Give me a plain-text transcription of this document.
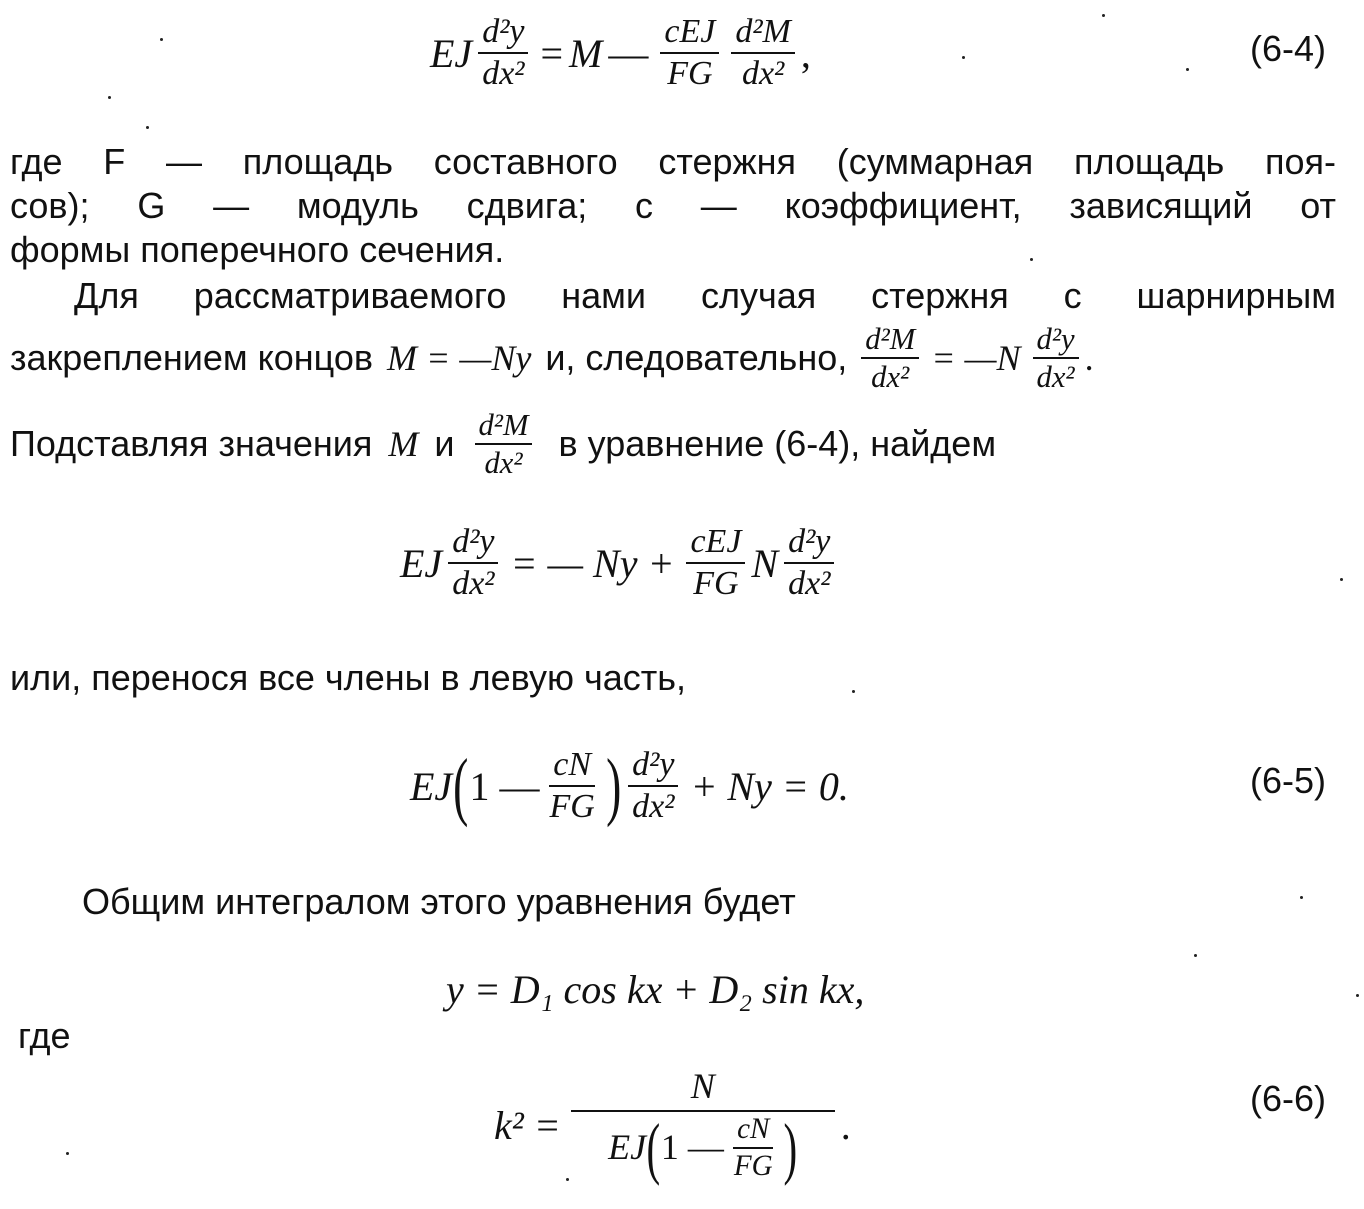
EJ $\frac{\text{d²y}}{\text{dx²}} = M$ — $\frac{\text{cEJ}}{FG} \frac{\text{d²M}}{\text{dx²}}$ ,	(6-4)
где F — площадь составного стержня (суммарная площадь поя-
сов); G — модуль сдвига; с — коэффициент, зависящий от
формы поперечного сечения.
Для рассматриваемого нами случая стержня с шарнирным
закреплением концов M = —Ny и, следовательно, $\frac{\text{d²M}}{\text{dx²}}$ = —N $\frac{\text{d²y}}{\text{dx²}}$ .
Подставляя значения M и $\frac{\text{d²M}}{\text{dx²}}$ в уравнение (6-4), найдем
EJ $\frac{\text{d²y}}{\text{dx²}}$ = — $Ny + \frac{\text{cEJ}}{FG}$ N $\frac{\text{d²y}}{\text{dx²}}$
или, перенося все члены в левую часть,
EJ ( 1 — $\frac{cN}{FG}$ ) $\frac{\text{d²y}}{\text{dx²}} + Ny = 0$.	(6-5)
Общим интегралом этого уравнения будет
y = D₁ cos kx + D₂ sin kx,
где
k² =
N
EJ ( 1 — $\frac{cN}{FG}$ ) .
(6-6)
